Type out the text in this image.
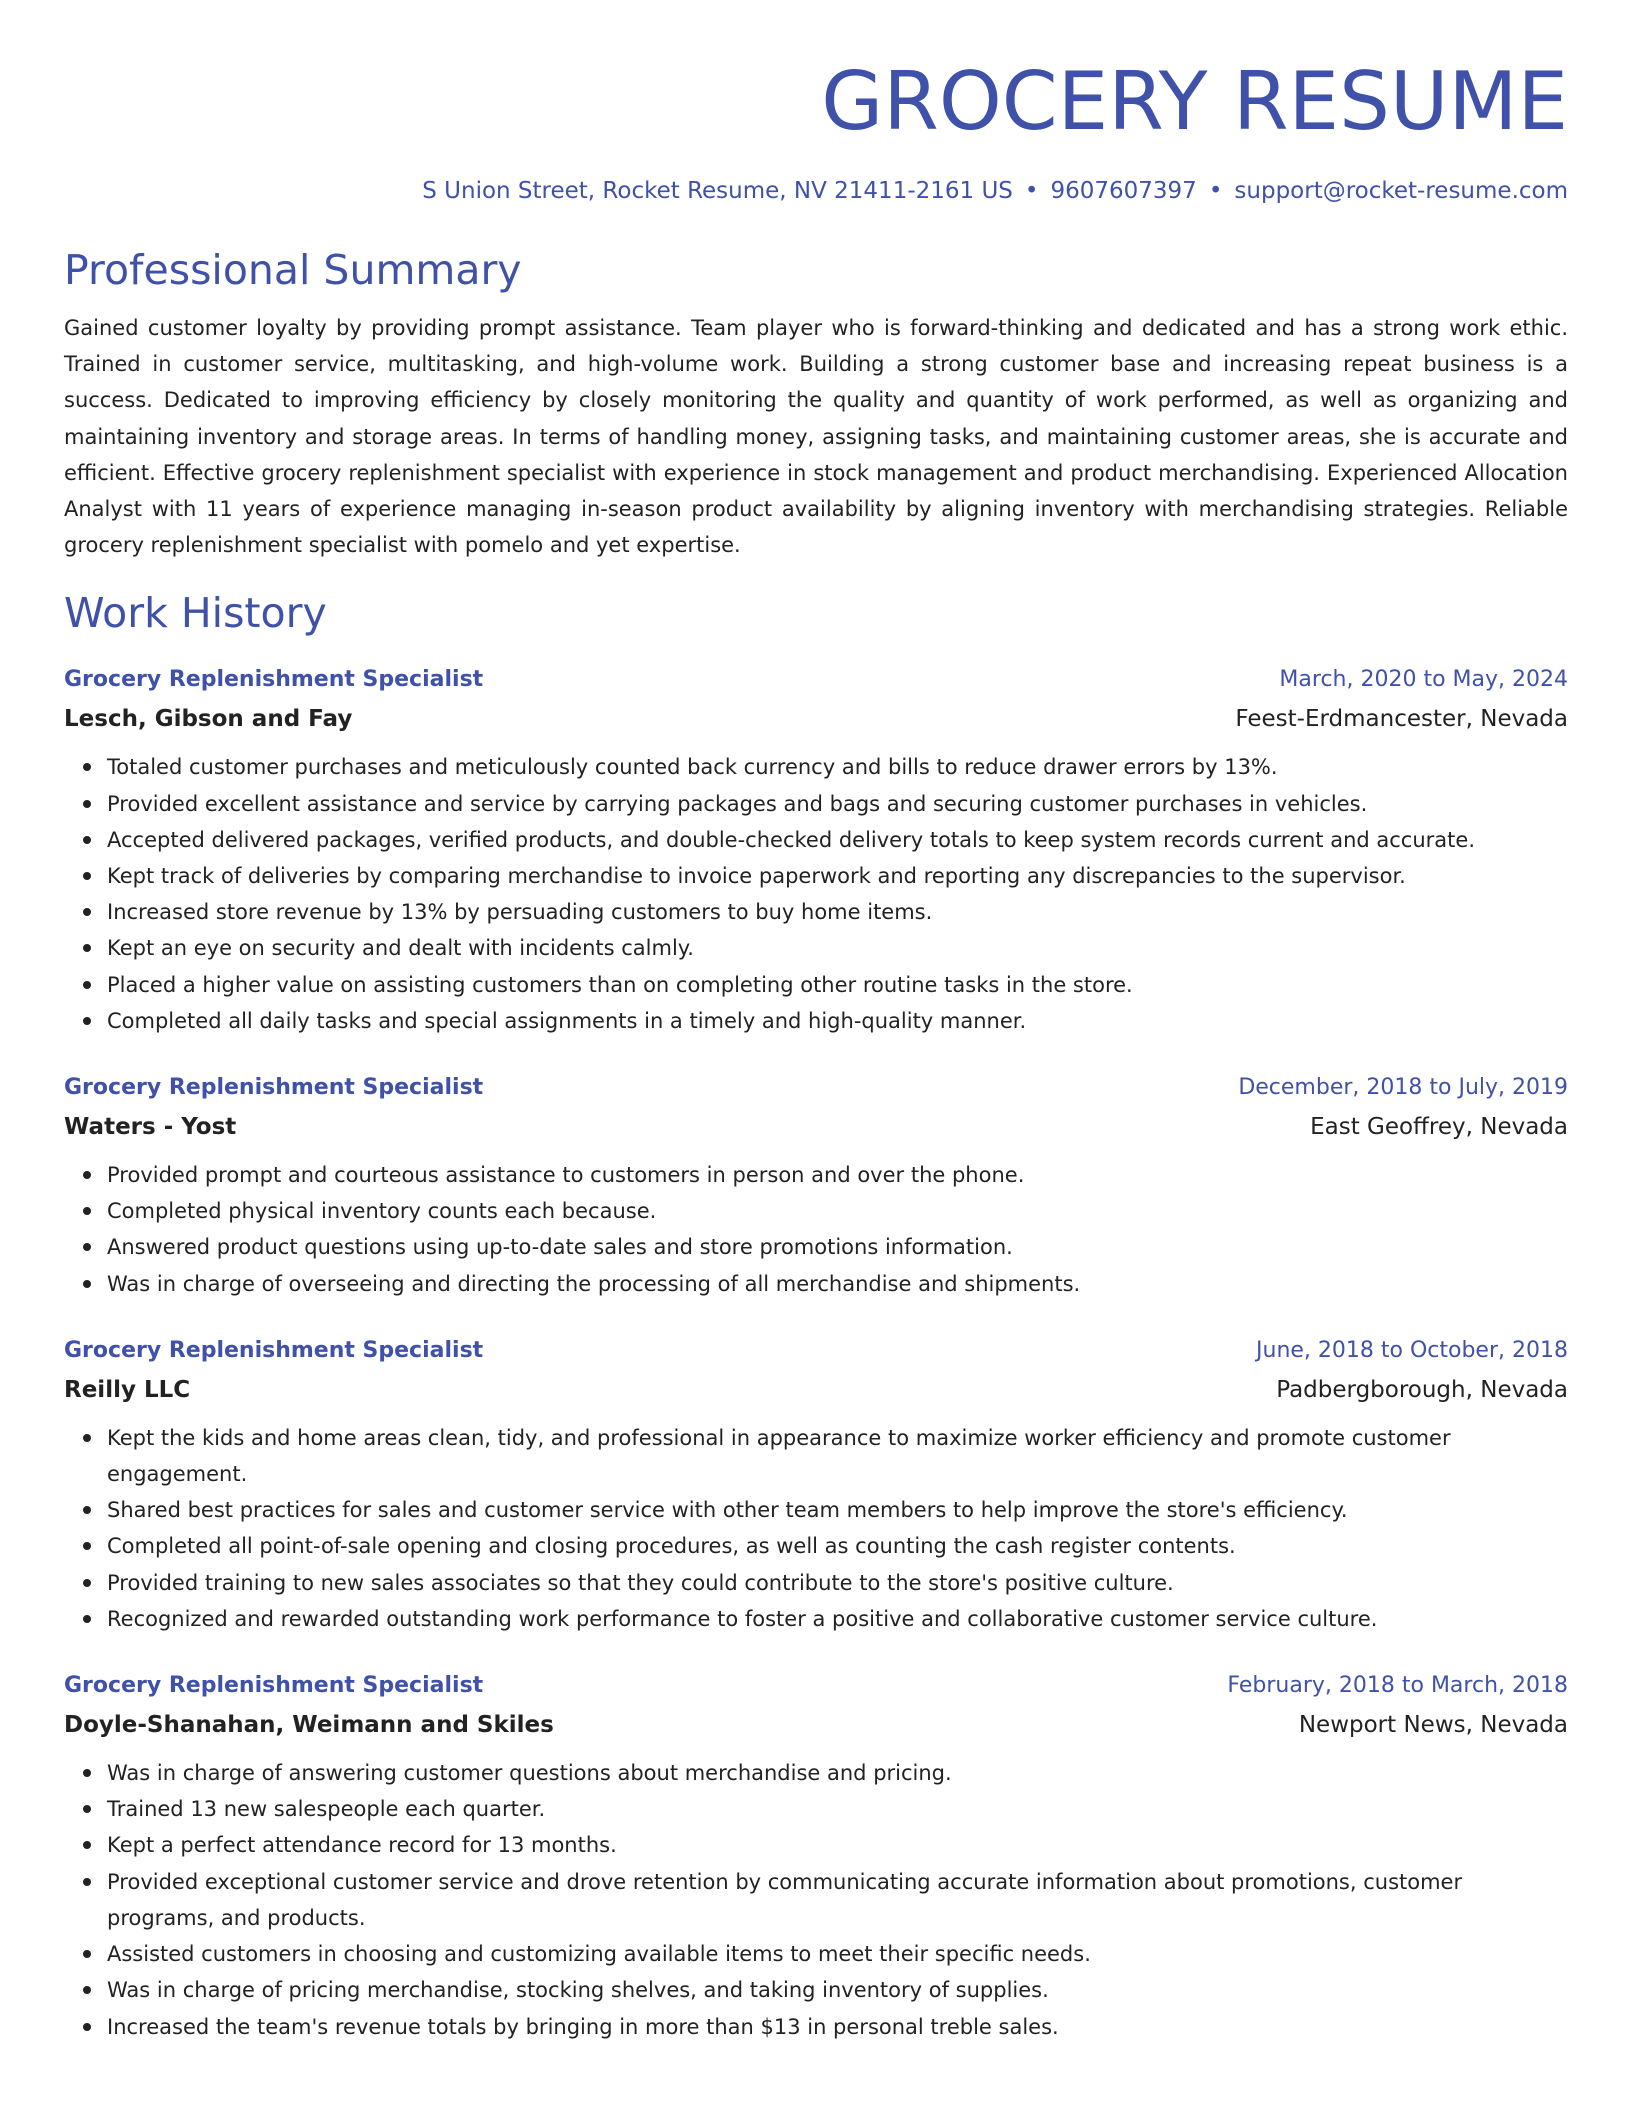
GROCERY RESUME
S Union Street, Rocket Resume, NV 21411-2161 US • 9607607397 • support@rocket-resume.com
Professional Summary

Gained customer loyalty by providing prompt assistance. Team player who is forward-thinking and dedicated and has a strong work ethic. Trained in customer service, multitasking, and high-volume work. Building a strong customer base and increasing repeat business is a success. Dedicated to improving efficiency by closely monitoring the quality and quantity of work performed, as well as organizing and maintaining inventory and storage areas. In terms of handling money, assigning tasks, and maintaining customer areas, she is accurate and efficient. Effective grocery replenishment specialist with experience in stock management and product merchandising. Experienced Allocation Analyst with 11 years of experience managing in-season product availability by aligning inventory with merchandising strategies. Reliable grocery replenishment specialist with pomelo and yet expertise.

Work History
Grocery Replenishment Specialist	March, 2020 to May, 2024
Lesch, Gibson and Fay	Feest-Erdmancester, Nevada
Totaled customer purchases and meticulously counted back currency and bills to reduce drawer errors by 13%.
Provided excellent assistance and service by carrying packages and bags and securing customer purchases in vehicles.
Accepted delivered packages, verified products, and double-checked delivery totals to keep system records current and accurate.
Kept track of deliveries by comparing merchandise to invoice paperwork and reporting any discrepancies to the supervisor.
Increased store revenue by 13% by persuading customers to buy home items.
Kept an eye on security and dealt with incidents calmly.
Placed a higher value on assisting customers than on completing other routine tasks in the store.
Completed all daily tasks and special assignments in a timely and high-quality manner.
Grocery Replenishment Specialist	December, 2018 to July, 2019
Waters - Yost	East Geoffrey, Nevada
Provided prompt and courteous assistance to customers in person and over the phone.
Completed physical inventory counts each because.
Answered product questions using up-to-date sales and store promotions information.
Was in charge of overseeing and directing the processing of all merchandise and shipments.
Grocery Replenishment Specialist	June, 2018 to October, 2018
Reilly LLC	Padbergborough, Nevada
Kept the kids and home areas clean, tidy, and professional in appearance to maximize worker efficiency and promote customer engagement.
Shared best practices for sales and customer service with other team members to help improve the store's efficiency.
Completed all point-of-sale opening and closing procedures, as well as counting the cash register contents.
Provided training to new sales associates so that they could contribute to the store's positive culture.
Recognized and rewarded outstanding work performance to foster a positive and collaborative customer service culture.
Grocery Replenishment Specialist	February, 2018 to March, 2018
Doyle-Shanahan, Weimann and Skiles	Newport News, Nevada
Was in charge of answering customer questions about merchandise and pricing.
Trained 13 new salespeople each quarter.
Kept a perfect attendance record for 13 months.
Provided exceptional customer service and drove retention by communicating accurate information about promotions, customer programs, and products.
Assisted customers in choosing and customizing available items to meet their specific needs.
Was in charge of pricing merchandise, stocking shelves, and taking inventory of supplies.
Increased the team's revenue totals by bringing in more than $13 in personal treble sales.
